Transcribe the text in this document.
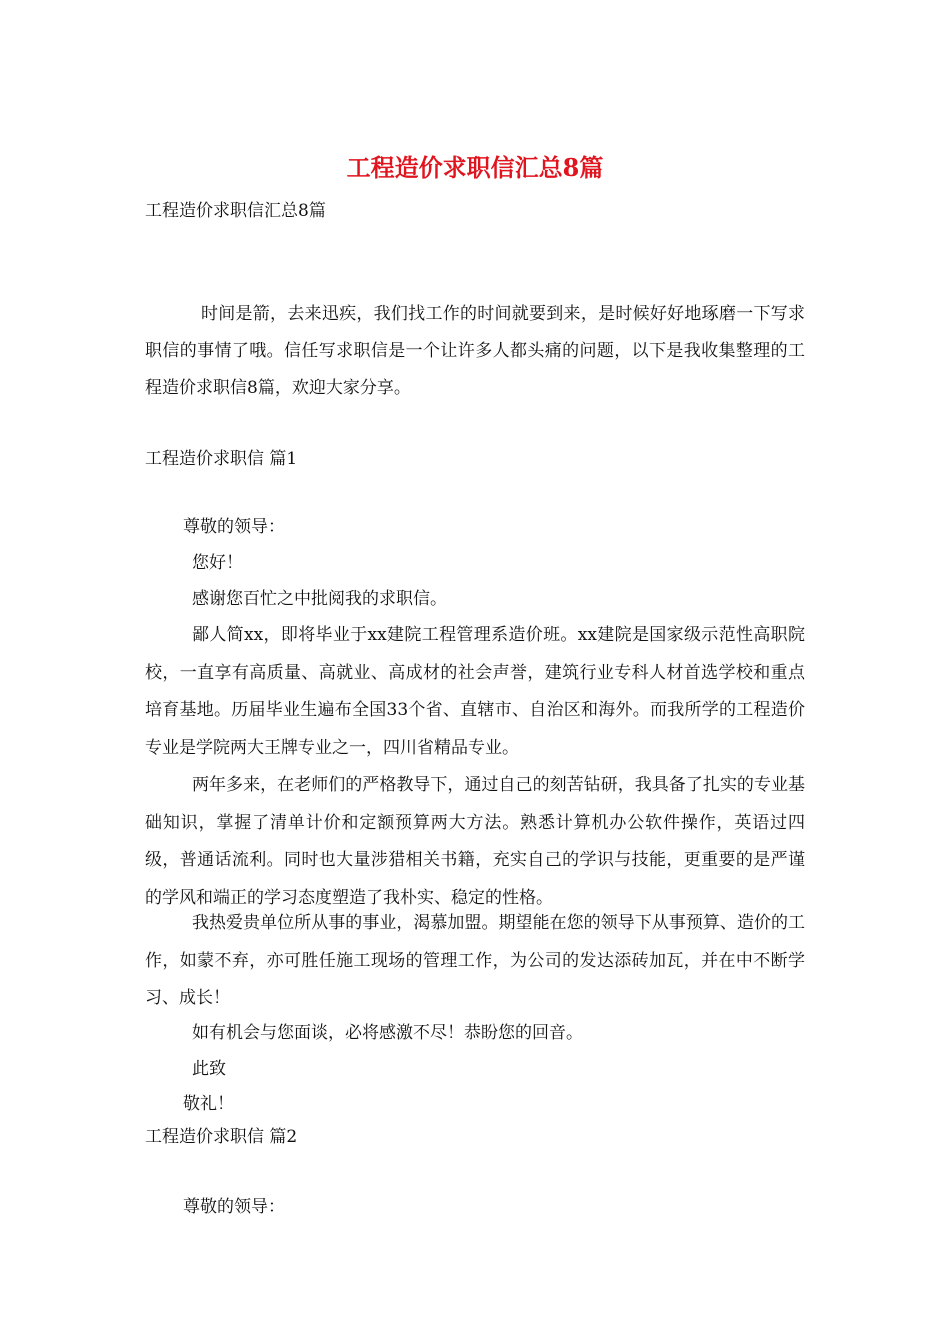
工程造价求职信汇总8篇
工程造价求职信汇总8篇
时间是箭，去来迅疾，我们找工作的时间就要到来，是时候好好地琢磨一下写求职信的事情了哦。信任写求职信是一个让许多人都头痛的问题，以下是我收集整理的工程造价求职信8篇，欢迎大家分享。
工程造价求职信 篇1
尊敬的领导：
您好！
感谢您百忙之中批阅我的求职信。
鄙人简xx，即将毕业于xx建院工程管理系造价班。xx建院是国家级示范性高职院校，一直享有高质量、高就业、高成材的社会声誉，建筑行业专科人材首选学校和重点培育基地。历届毕业生遍布全国33个省、直辖市、自治区和海外。而我所学的工程造价专业是学院两大王牌专业之一，四川省精品专业。
两年多来，在老师们的严格教导下，通过自己的刻苦钻研，我具备了扎实的专业基础知识，掌握了清单计价和定额预算两大方法。熟悉计算机办公软件操作，英语过四级，普通话流利。同时也大量涉猎相关书籍，充实自己的学识与技能，更重要的是严谨的学风和端正的学习态度塑造了我朴实、稳定的性格。
我热爱贵单位所从事的事业，渴慕加盟。期望能在您的领导下从事预算、造价的工作，如蒙不弃，亦可胜任施工现场的管理工作，为公司的发达添砖加瓦，并在中不断学习、成长！
如有机会与您面谈，必将感激不尽！恭盼您的回音。
此致
敬礼！
工程造价求职信 篇2
尊敬的领导：
